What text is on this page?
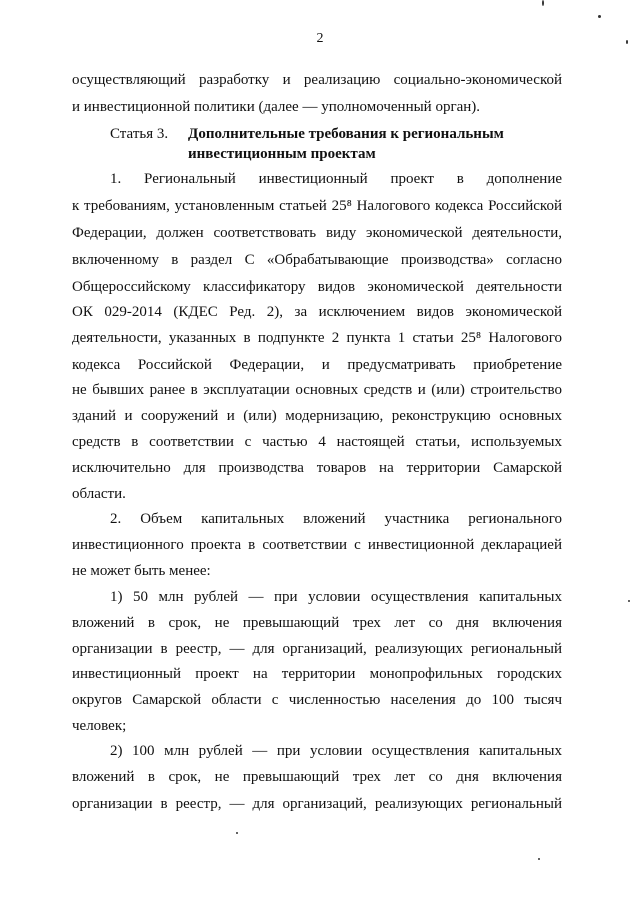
2
осуществляющий разработку и реализацию социально-экономической
и инвестиционной политики (далее — уполномоченный орган).
Статья 3. Дополнительные требования к региональным
инвестиционным проектам
1. Региональный инвестиционный проект в дополнение
к требованиям, установленным статьей 25⁸ Налогового кодекса Российской
Федерации, должен соответствовать виду экономической деятельности,
включенному в раздел С «Обрабатывающие производства» согласно
Общероссийскому классификатору видов экономической деятельности
ОК 029-2014 (КДЕС Ред. 2), за исключением видов экономической
деятельности, указанных в подпункте 2 пункта 1 статьи 25⁸ Налогового
кодекса Российской Федерации, и предусматривать приобретение
не бывших ранее в эксплуатации основных средств и (или) строительство
зданий и сооружений и (или) модернизацию, реконструкцию основных
средств в соответствии с частью 4 настоящей статьи, используемых
исключительно для производства товаров на территории Самарской
области.
2. Объем капитальных вложений участника регионального
инвестиционного проекта в соответствии с инвестиционной декларацией
не может быть менее:
1) 50 млн рублей — при условии осуществления капитальных
вложений в срок, не превышающий трех лет со дня включения
организации в реестр, — для организаций, реализующих региональный
инвестиционный проект на территории монопрофильных городских
округов Самарской области с численностью населения до 100 тысяч
человек;
2) 100 млн рублей — при условии осуществления капитальных
вложений в срок, не превышающий трех лет со дня включения
организации в реестр, — для организаций, реализующих региональный
